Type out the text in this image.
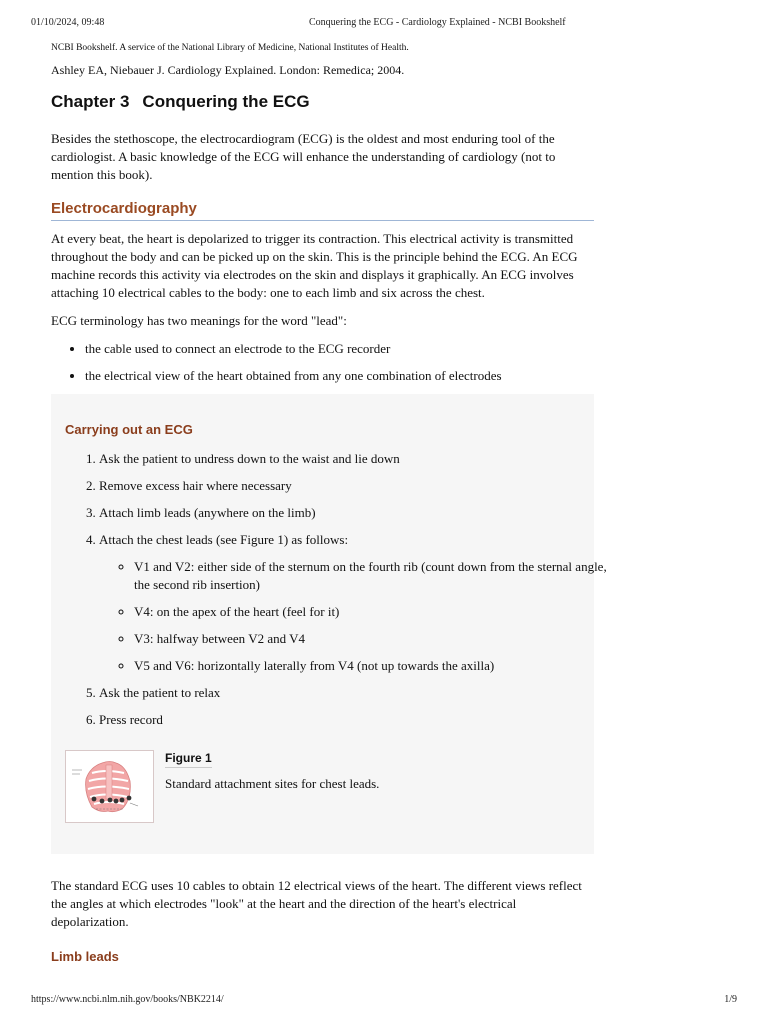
01/10/2024, 09:48	Conquering the ECG - Cardiology Explained - NCBI Bookshelf

NCBI Bookshelf. A service of the National Library of Medicine, National Institutes of Health.

Ashley EA, Niebauer J. Cardiology Explained. London: Remedica; 2004.

Chapter 3 Conquering the ECG

Besides the stethoscope, the electrocardiogram (ECG) is the oldest and most enduring tool of the cardiologist. A basic knowledge of the ECG will enhance the understanding of cardiology (not to mention this book).

Electrocardiography

At every beat, the heart is depolarized to trigger its contraction. This electrical activity is transmitted throughout the body and can be picked up on the skin. This is the principle behind the ECG. An ECG machine records this activity via electrodes on the skin and displays it graphically. An ECG involves attaching 10 electrical cables to the body: one to each limb and six across the chest.

ECG terminology has two meanings for the word "lead":

• the cable used to connect an electrode to the ECG recorder
• the electrical view of the heart obtained from any one combination of electrodes
Carrying out an ECG
1. Ask the patient to undress down to the waist and lie down
2. Remove excess hair where necessary
3. Attach limb leads (anywhere on the limb)
4. Attach the chest leads (see Figure 1) as follows:
◦ V1 and V2: either side of the sternum on the fourth rib (count down from the sternal angle, the second rib insertion)
◦ V4: on the apex of the heart (feel for it)
◦ V3: halfway between V2 and V4
◦ V5 and V6: horizontally laterally from V4 (not up towards the axilla)
5. Ask the patient to relax
6. Press record
Figure 1
Standard attachment sites for chest leads.

The standard ECG uses 10 cables to obtain 12 electrical views of the heart. The different views reflect the angles at which electrodes "look" at the heart and the direction of the heart's electrical depolarization.

Limb leads
https://www.ncbi.nlm.nih.gov/books/NBK2214/	1/9
